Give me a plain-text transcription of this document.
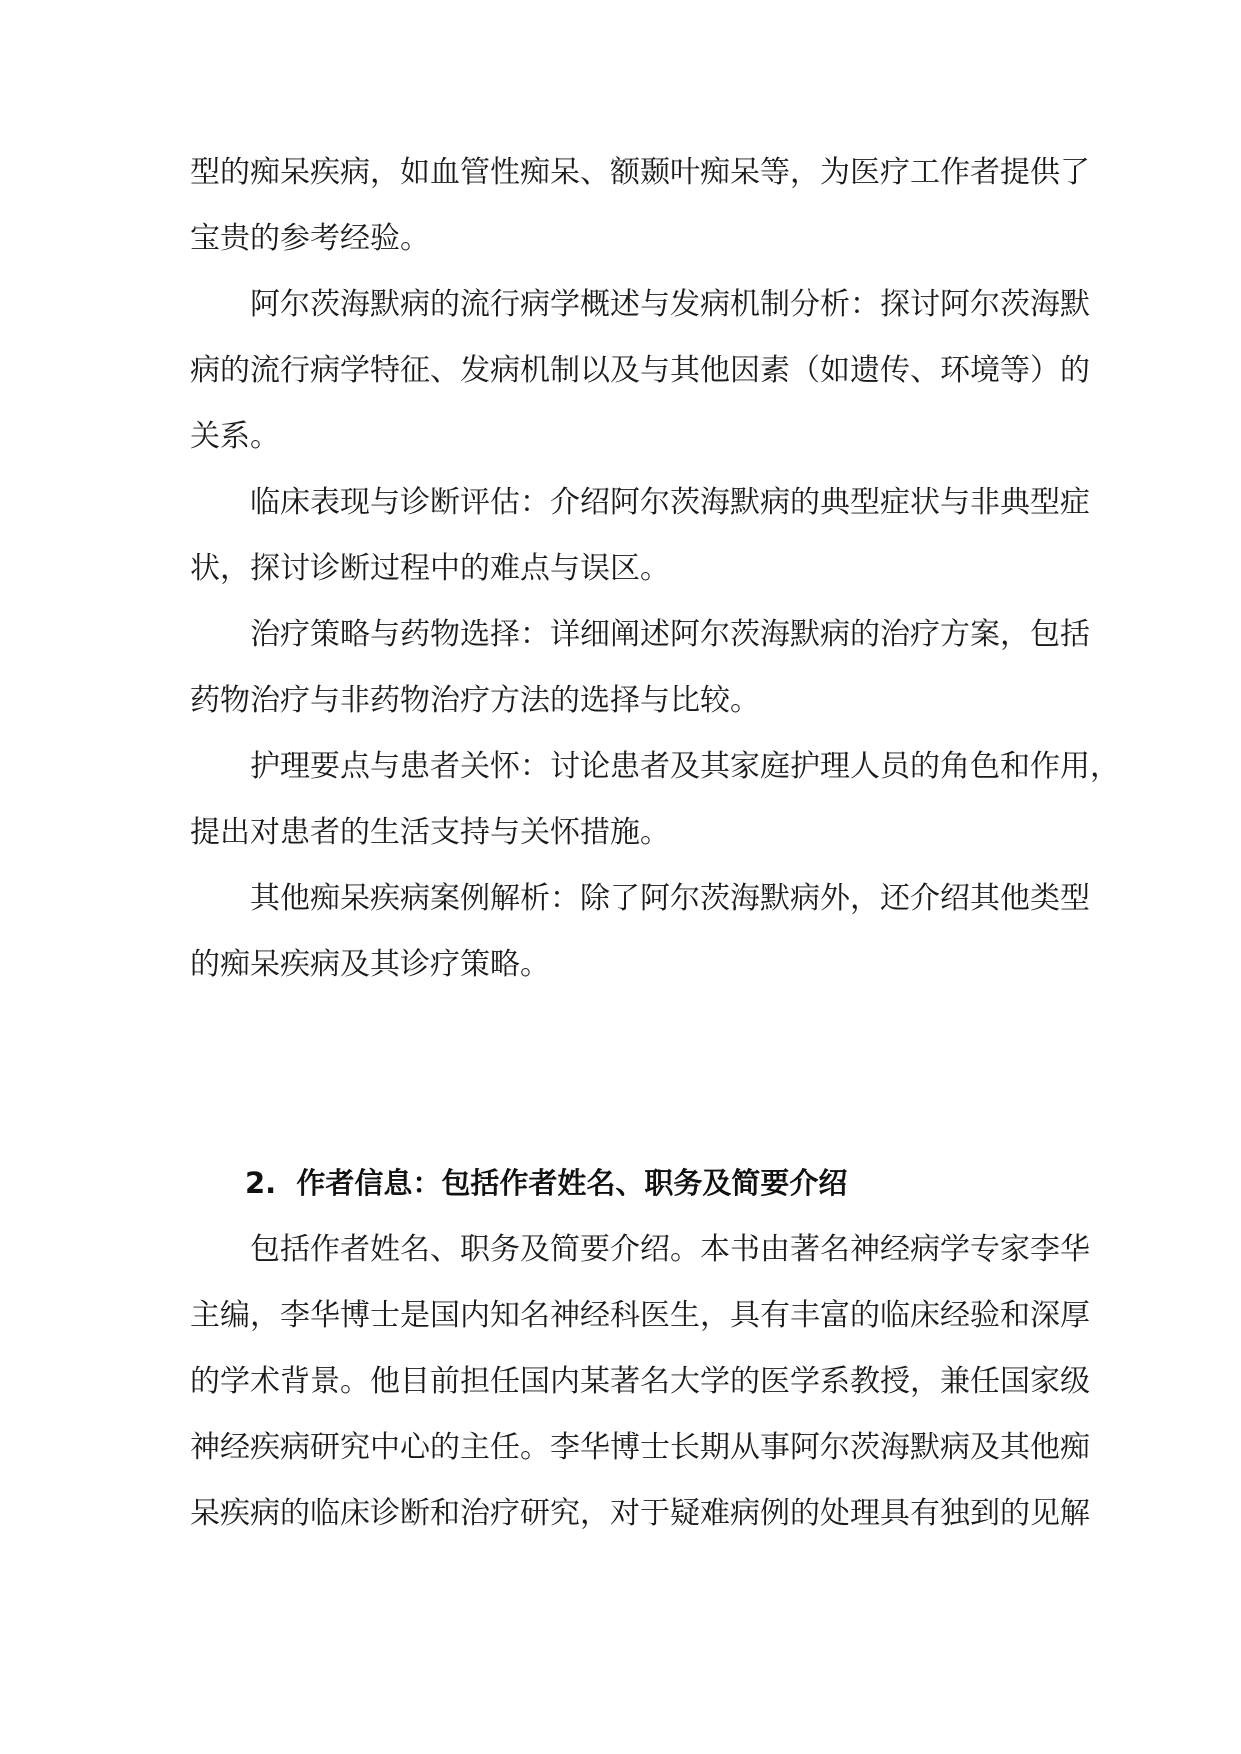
型的痴呆疾病，如血管性痴呆、额颞叶痴呆等，为医疗工作者提供了
宝贵的参考经验。
阿尔茨海默病的流行病学概述与发病机制分析：探讨阿尔茨海默
病的流行病学特征、发病机制以及与其他因素（如遗传、环境等）的
关系。
临床表现与诊断评估：介绍阿尔茨海默病的典型症状与非典型症
状，探讨诊断过程中的难点与误区。
治疗策略与药物选择：详细阐述阿尔茨海默病的治疗方案，包括
药物治疗与非药物治疗方法的选择与比较。
护理要点与患者关怀：讨论患者及其家庭护理人员的角色和作用，
提出对患者的生活支持与关怀措施。
其他痴呆疾病案例解析：除了阿尔茨海默病外，还介绍其他类型
的痴呆疾病及其诊疗策略。
2. 作者信息：包括作者姓名、职务及简要介绍
包括作者姓名、职务及简要介绍。本书由著名神经病学专家李华
主编，李华博士是国内知名神经科医生，具有丰富的临床经验和深厚
的学术背景。他目前担任国内某著名大学的医学系教授，兼任国家级
神经疾病研究中心的主任。李华博士长期从事阿尔茨海默病及其他痴
呆疾病的临床诊断和治疗研究，对于疑难病例的处理具有独到的见解
